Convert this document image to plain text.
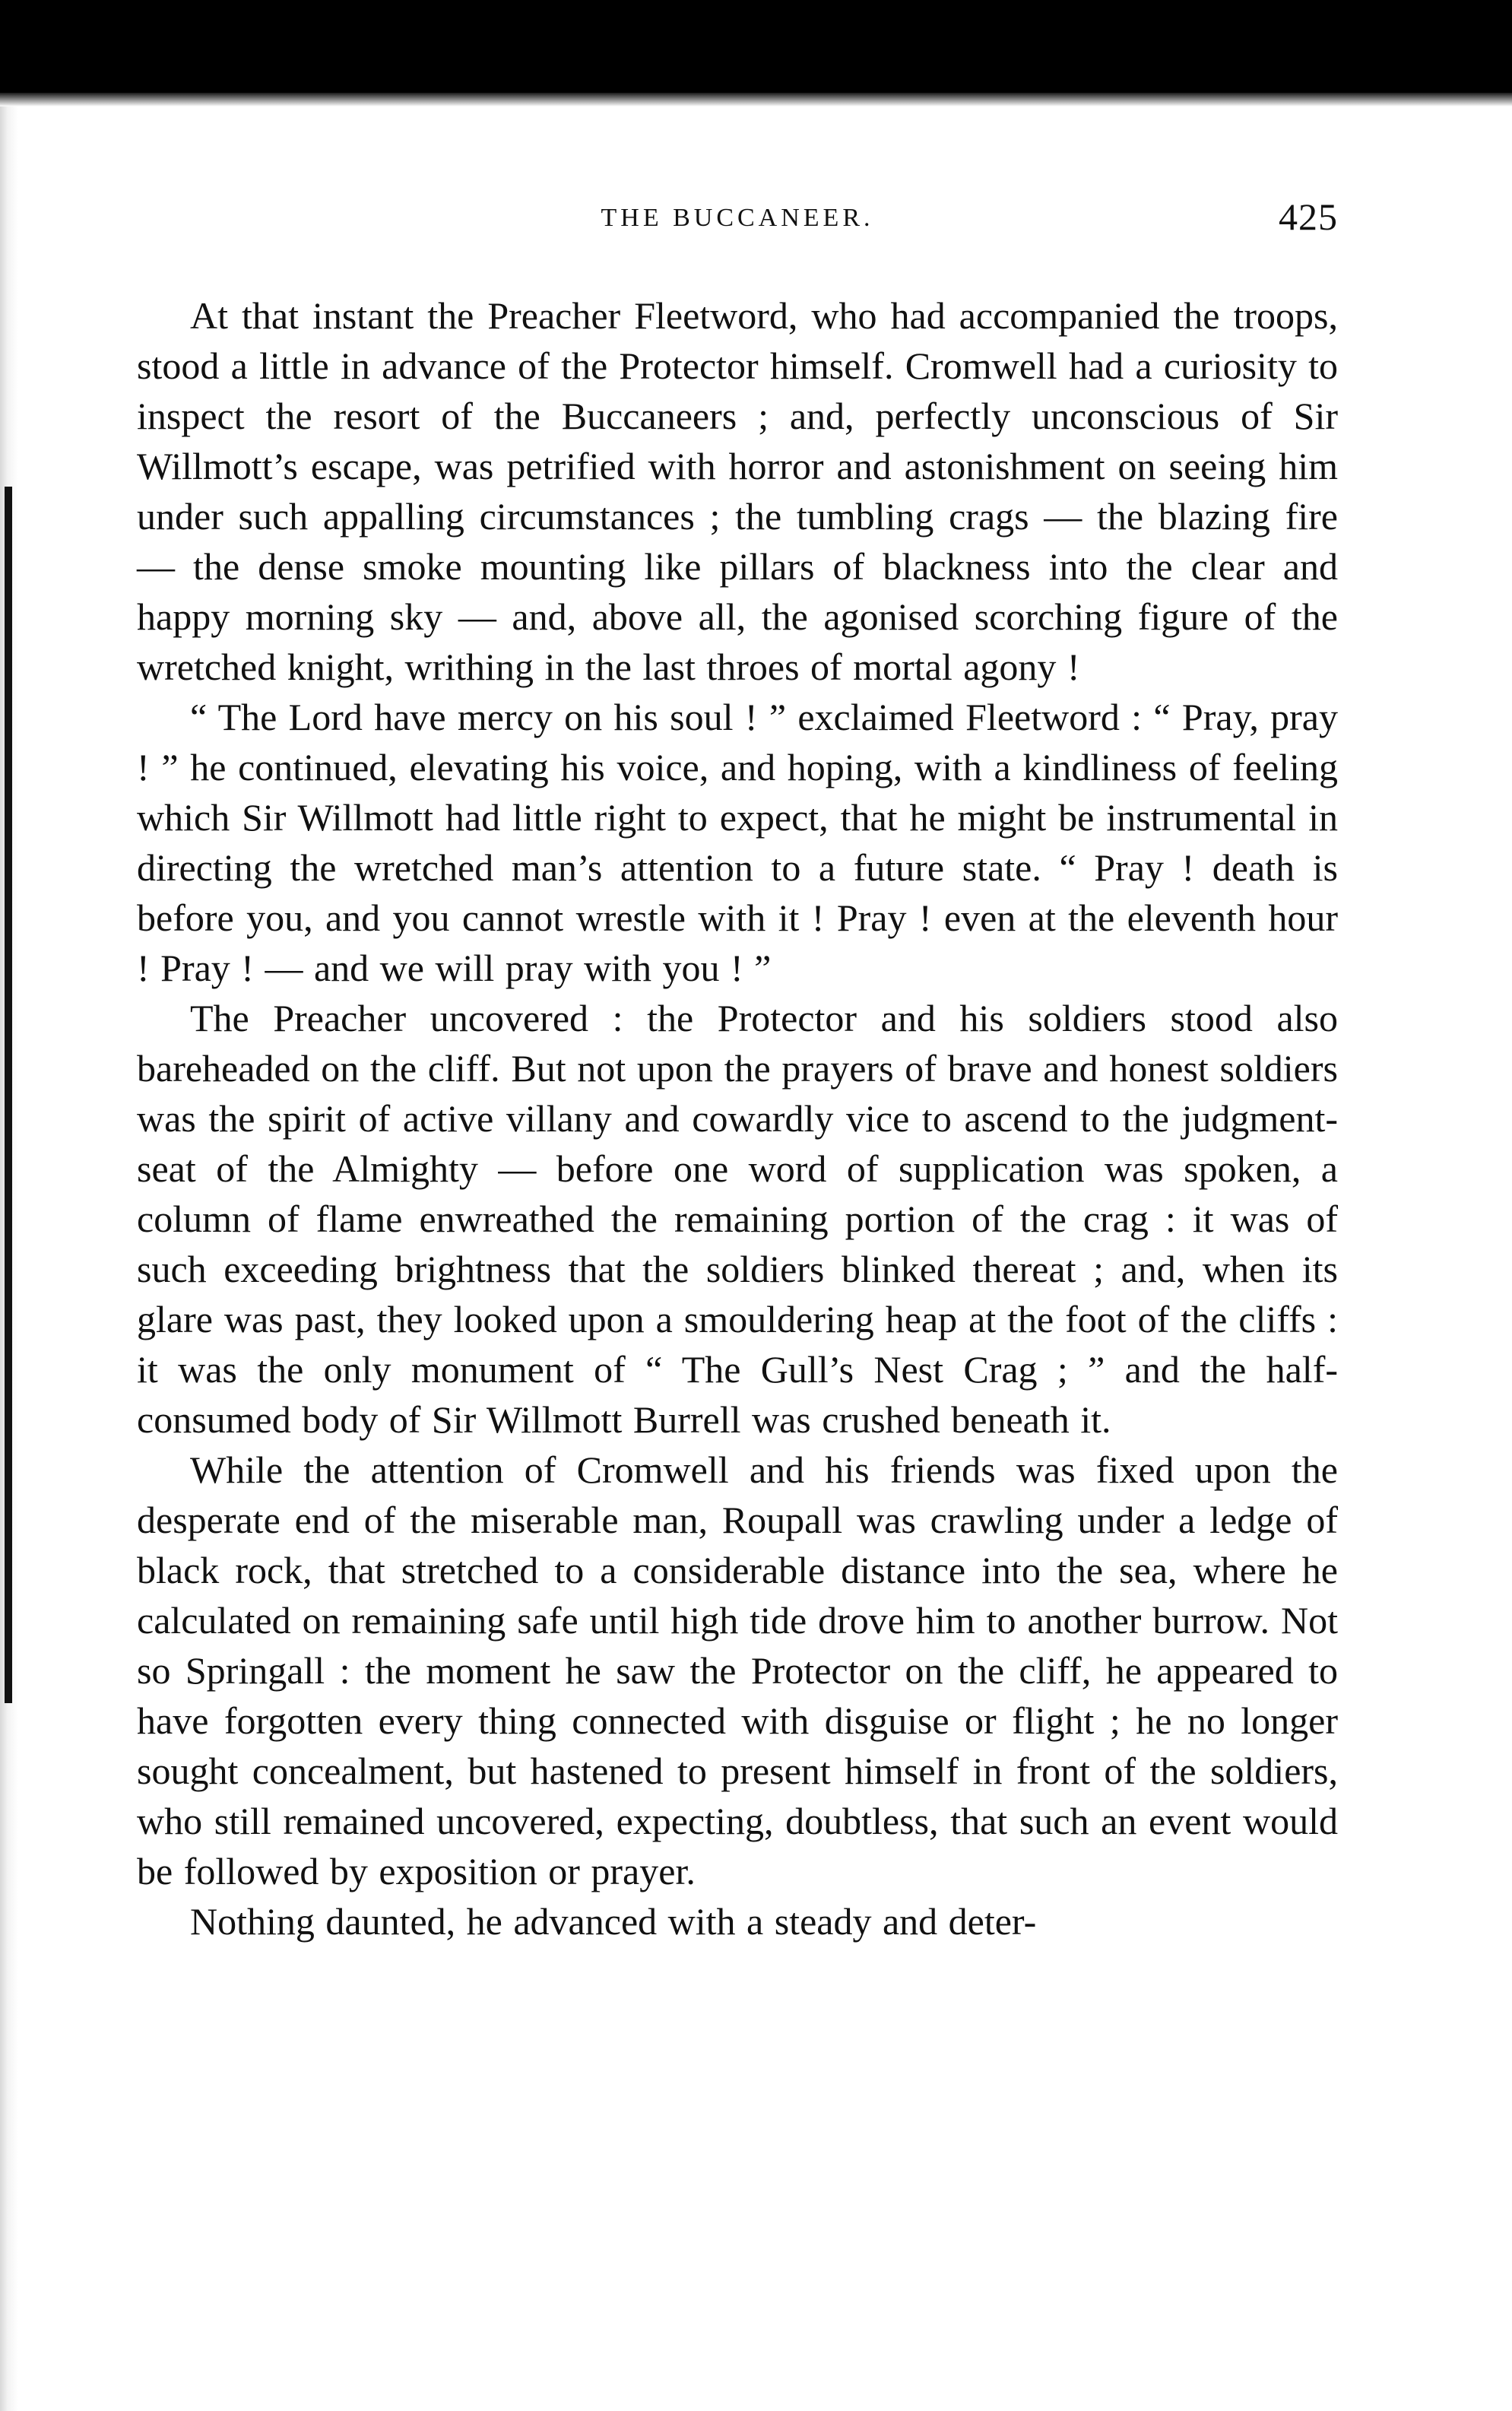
THE BUCCANEER.	425

At that instant the Preacher Fleetword, who had accompanied the troops, stood a little in advance of the Protector himself. Cromwell had a curiosity to inspect the resort of the Buccaneers ; and, perfectly unconscious of Sir Willmott’s escape, was petrified with horror and astonishment on seeing him under such appalling circumstances ; the tumbling crags — the blazing fire — the dense smoke mounting like pillars of blackness into the clear and happy morning sky — and, above all, the agonised scorching figure of the wretched knight, writhing in the last throes of mortal agony !

“ The Lord have mercy on his soul ! ” exclaimed Fleetword : “ Pray, pray ! ” he continued, elevating his voice, and hoping, with a kindliness of feeling which Sir Willmott had little right to expect, that he might be instrumental in directing the wretched man’s attention to a future state. “ Pray ! death is before you, and you cannot wrestle with it ! Pray ! even at the eleventh hour ! Pray ! — and we will pray with you ! ”

The Preacher uncovered : the Protector and his soldiers stood also bareheaded on the cliff. But not upon the prayers of brave and honest soldiers was the spirit of active villany and cowardly vice to ascend to the judgment-seat of the Almighty — before one word of supplication was spoken, a column of flame enwreathed the remaining portion of the crag : it was of such exceeding brightness that the soldiers blinked thereat ; and, when its glare was past, they looked upon a smouldering heap at the foot of the cliffs : it was the only monument of “ The Gull’s Nest Crag ; ” and the half-consumed body of Sir Willmott Burrell was crushed beneath it.

While the attention of Cromwell and his friends was fixed upon the desperate end of the miserable man, Roupall was crawling under a ledge of black rock, that stretched to a considerable distance into the sea, where he calculated on remaining safe until high tide drove him to another burrow. Not so Springall : the moment he saw the Protector on the cliff, he appeared to have forgotten every thing connected with disguise or flight ; he no longer sought concealment, but hastened to present himself in front of the soldiers, who still remained uncovered, expecting, doubtless, that such an event would be followed by exposition or prayer.

Nothing daunted, he advanced with a steady and deter-
